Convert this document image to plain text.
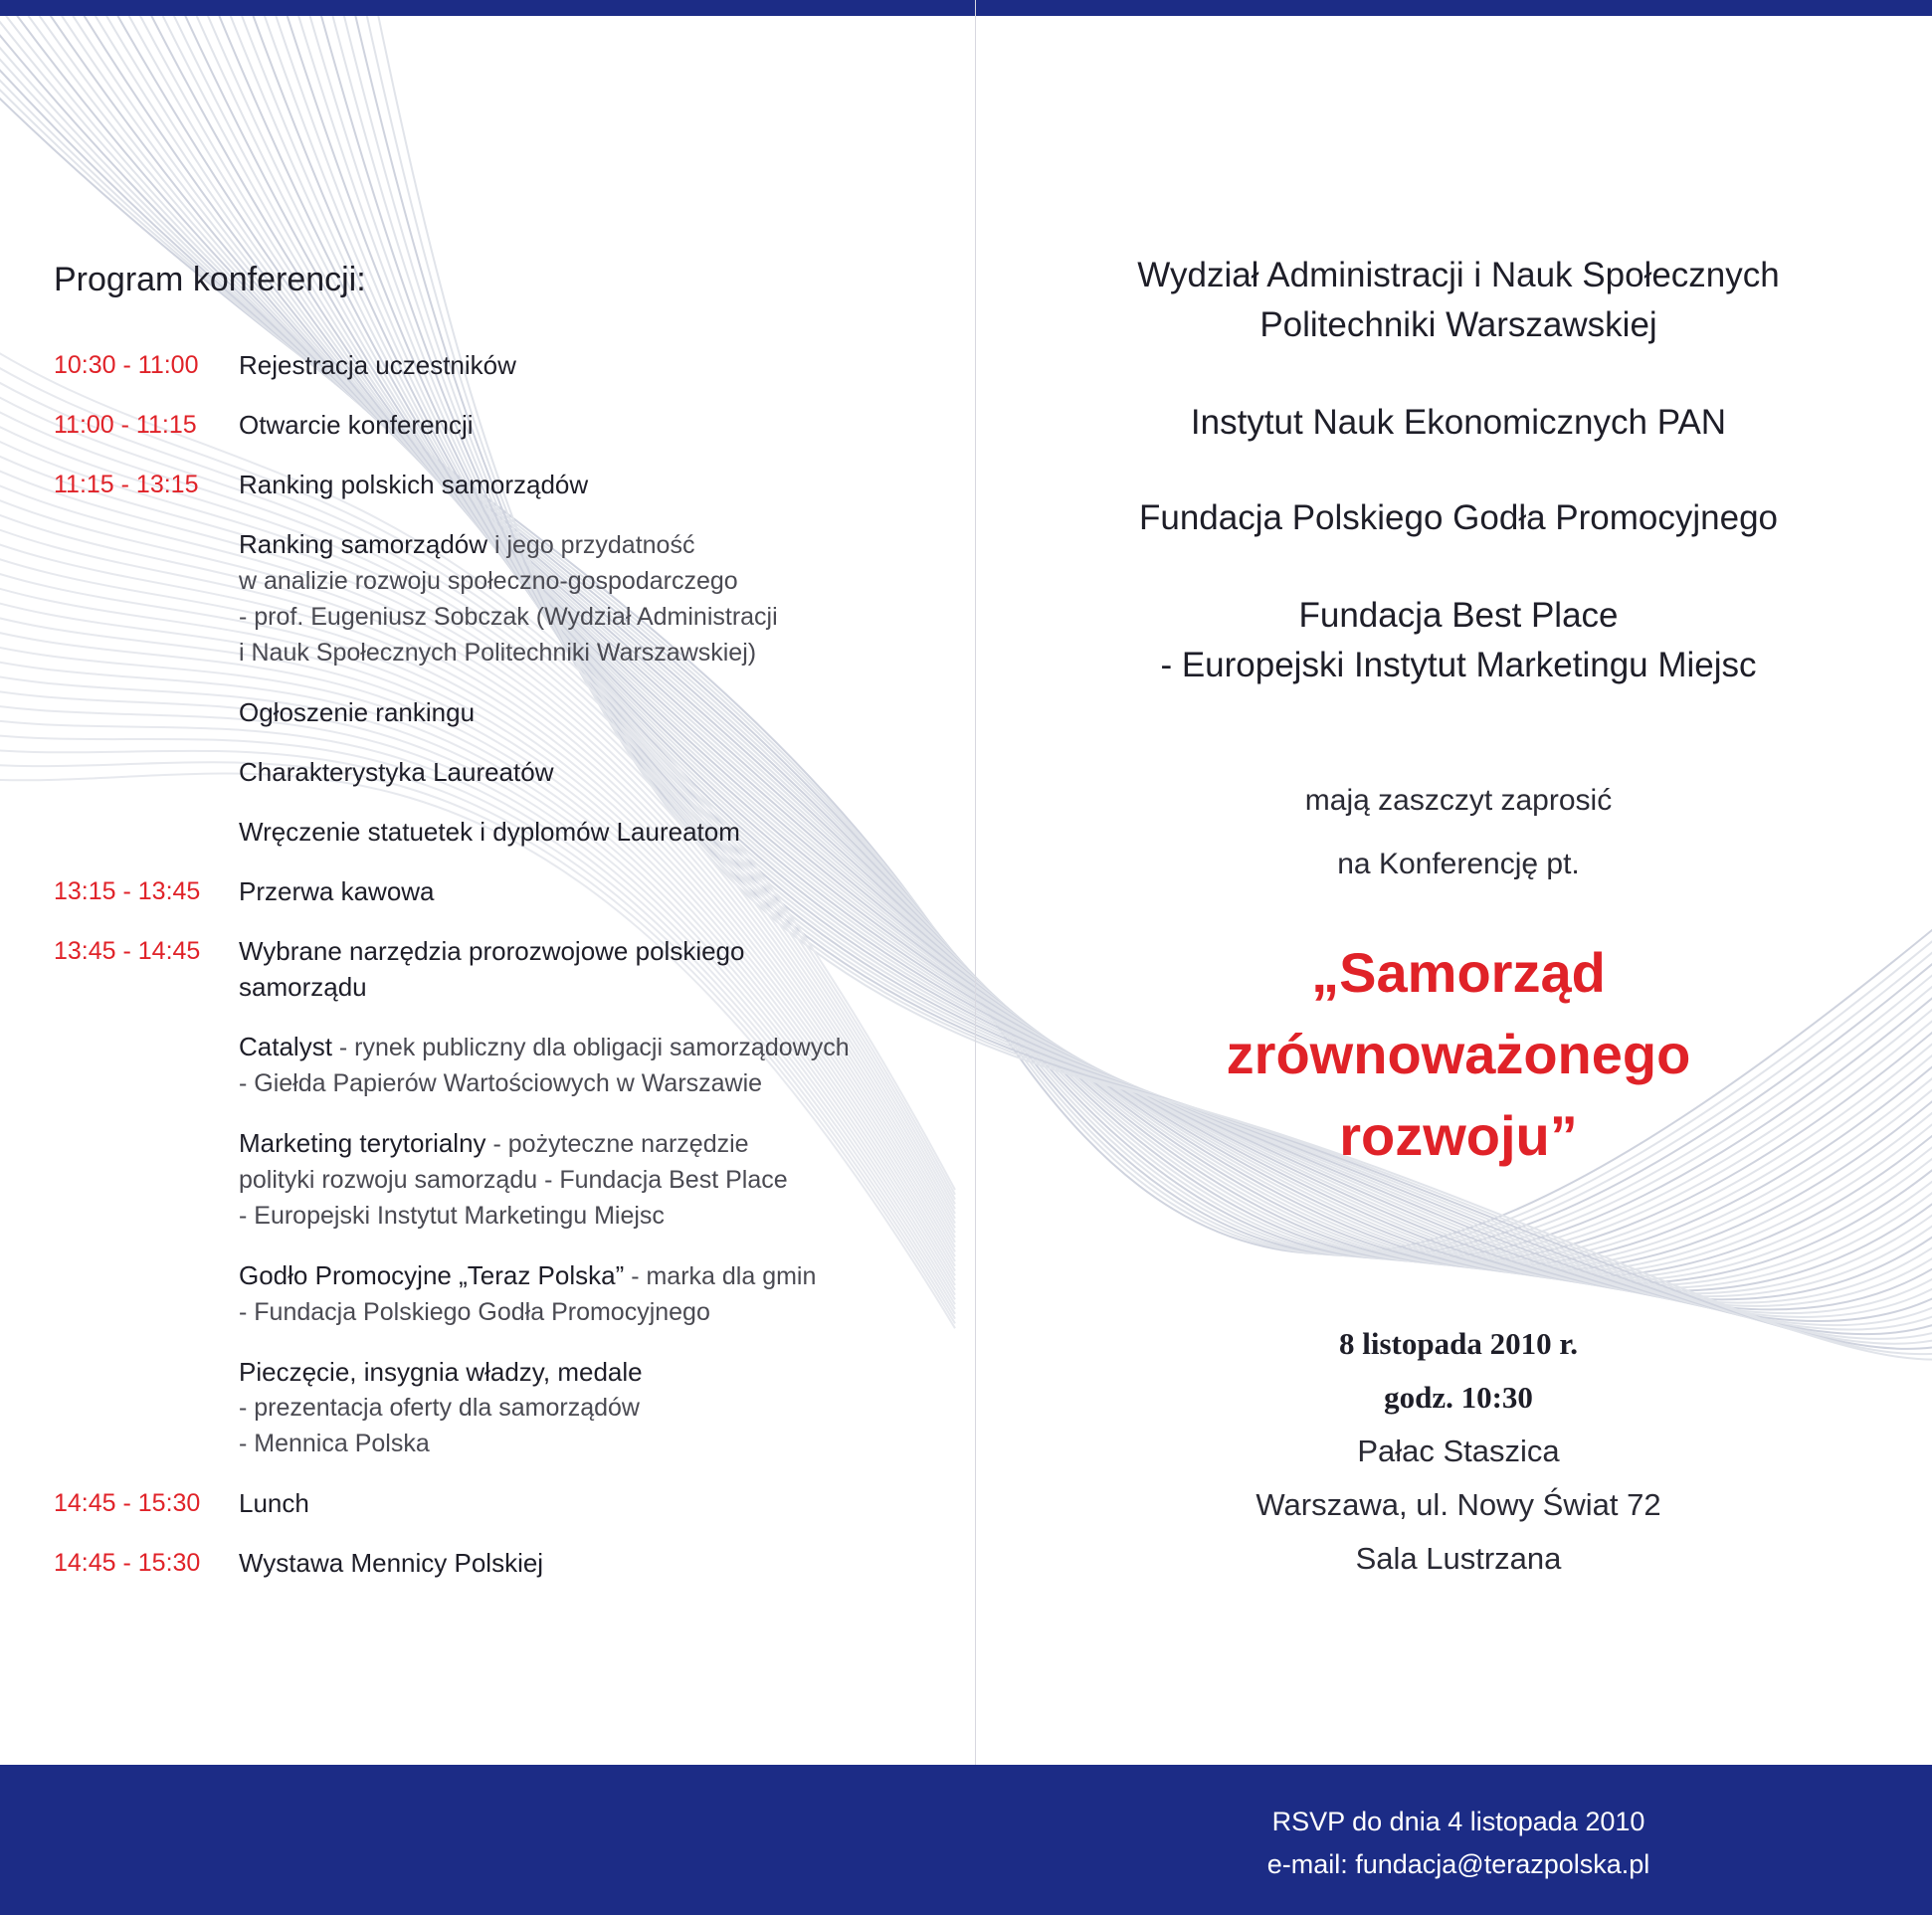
Program konferencji:
10:30 - 11:00	Rejestracja uczestników
11:00 - 11:15	Otwarcie konferencji
11:15 - 13:15	Ranking polskich samorządów
Ranking samorządów i jego przydatność
w analizie rozwoju społeczno-gospodarczego
- prof. Eugeniusz Sobczak (Wydział Administracji
i Nauk Społecznych Politechniki Warszawskiej)
Ogłoszenie rankingu
Charakterystyka Laureatów
Wręczenie statuetek i dyplomów Laureatom
13:15 - 13:45	Przerwa kawowa
13:45 - 14:45	Wybrane narzędzia prorozwojowe polskiego samorządu
Catalyst - rynek publiczny dla obligacji samorządowych
- Giełda Papierów Wartościowych w Warszawie
Marketing terytorialny - pożyteczne narzędzie
polityki rozwoju samorządu - Fundacja Best Place
- Europejski Instytut Marketingu Miejsc
Godło Promocyjne „Teraz Polska” - marka dla gmin
- Fundacja Polskiego Godła Promocyjnego
Pieczęcie, insygnia władzy, medale
- prezentacja oferty dla samorządów
- Mennica Polska
14:45 - 15:30	Lunch
14:45 - 15:30	Wystawa Mennicy Polskiej
Wydział Administracji i Nauk Społecznych
Politechniki Warszawskiej
Instytut Nauk Ekonomicznych PAN
Fundacja Polskiego Godła Promocyjnego
Fundacja Best Place
- Europejski Instytut Marketingu Miejsc
mają zaszczyt zaprosić
na Konferencję pt.
„Samorząd
zrównoważonego
rozwoju”
8 listopada 2010 r.
godz. 10:30
Pałac Staszica
Warszawa, ul. Nowy Świat 72
Sala Lustrzana
RSVP do dnia 4 listopada 2010
e-mail: fundacja@terazpolska.pl
